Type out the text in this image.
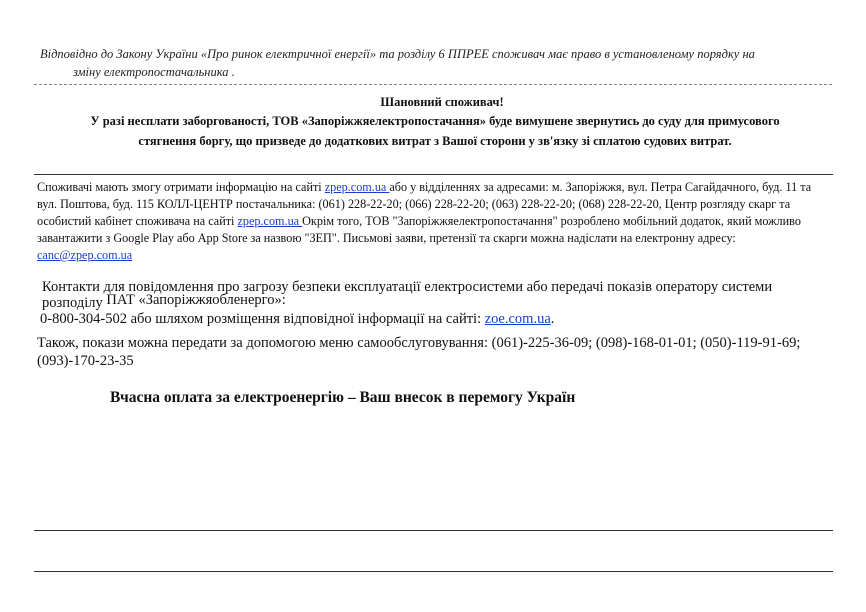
Відповідно до Закону України «Про ринок електричної енергії» та розділу 6 ППРЕЕ споживач має право в установленому порядку на
зміну електропостачальника .
Шановний споживач!
У разі несплати заборгованості, ТОВ «Запоріжжяелектропостачання» буде вимушене звернутись до суду для примусового
стягнення боргу, що призведе до додаткових витрат з Вашої сторони у зв'язку зі сплатою судових витрат.
Споживачі мають змогу отримати інформацію на сайті zpep.com.ua або у відділеннях за адресами: м. Запоріжжя, вул. Петра Сагайдачного, буд. 11 та вул. Поштова, буд. 115 КОЛЛ-ЦЕНТР постачальника: (061) 228-22-20; (066) 228-22-20; (063) 228-22-20; (068) 228-22-20, Центр розгляду скарг та особистий кабінет споживача на сайті zpep.com.ua Окрім того, ТОВ "Запоріжжяелектропостачання" розроблено мобільний додаток, який можливо завантажити з Google Play або App Store за назвою "ЗЕП". Письмові заяви, претензії та скарги можна надіслати на електронну адресу: canc@zpep.com.ua
Контакти для повідомлення про загрозу безпеки експлуатації електросистеми або передачі показів оператору системи
розподілу ПАТ «Запоріжжяобленерго»:
0-800-304-502 або шляхом розміщення відповідної інформації на сайті: zoe.com.ua.
Також, покази можна передати за допомогою меню самообслуговування: (061)-225-36-09; (098)-168-01-01; (050)-119-91-69; (093)-170-23-35
Вчасна оплата за електроенергію – Ваш внесок в перемогу Україн
